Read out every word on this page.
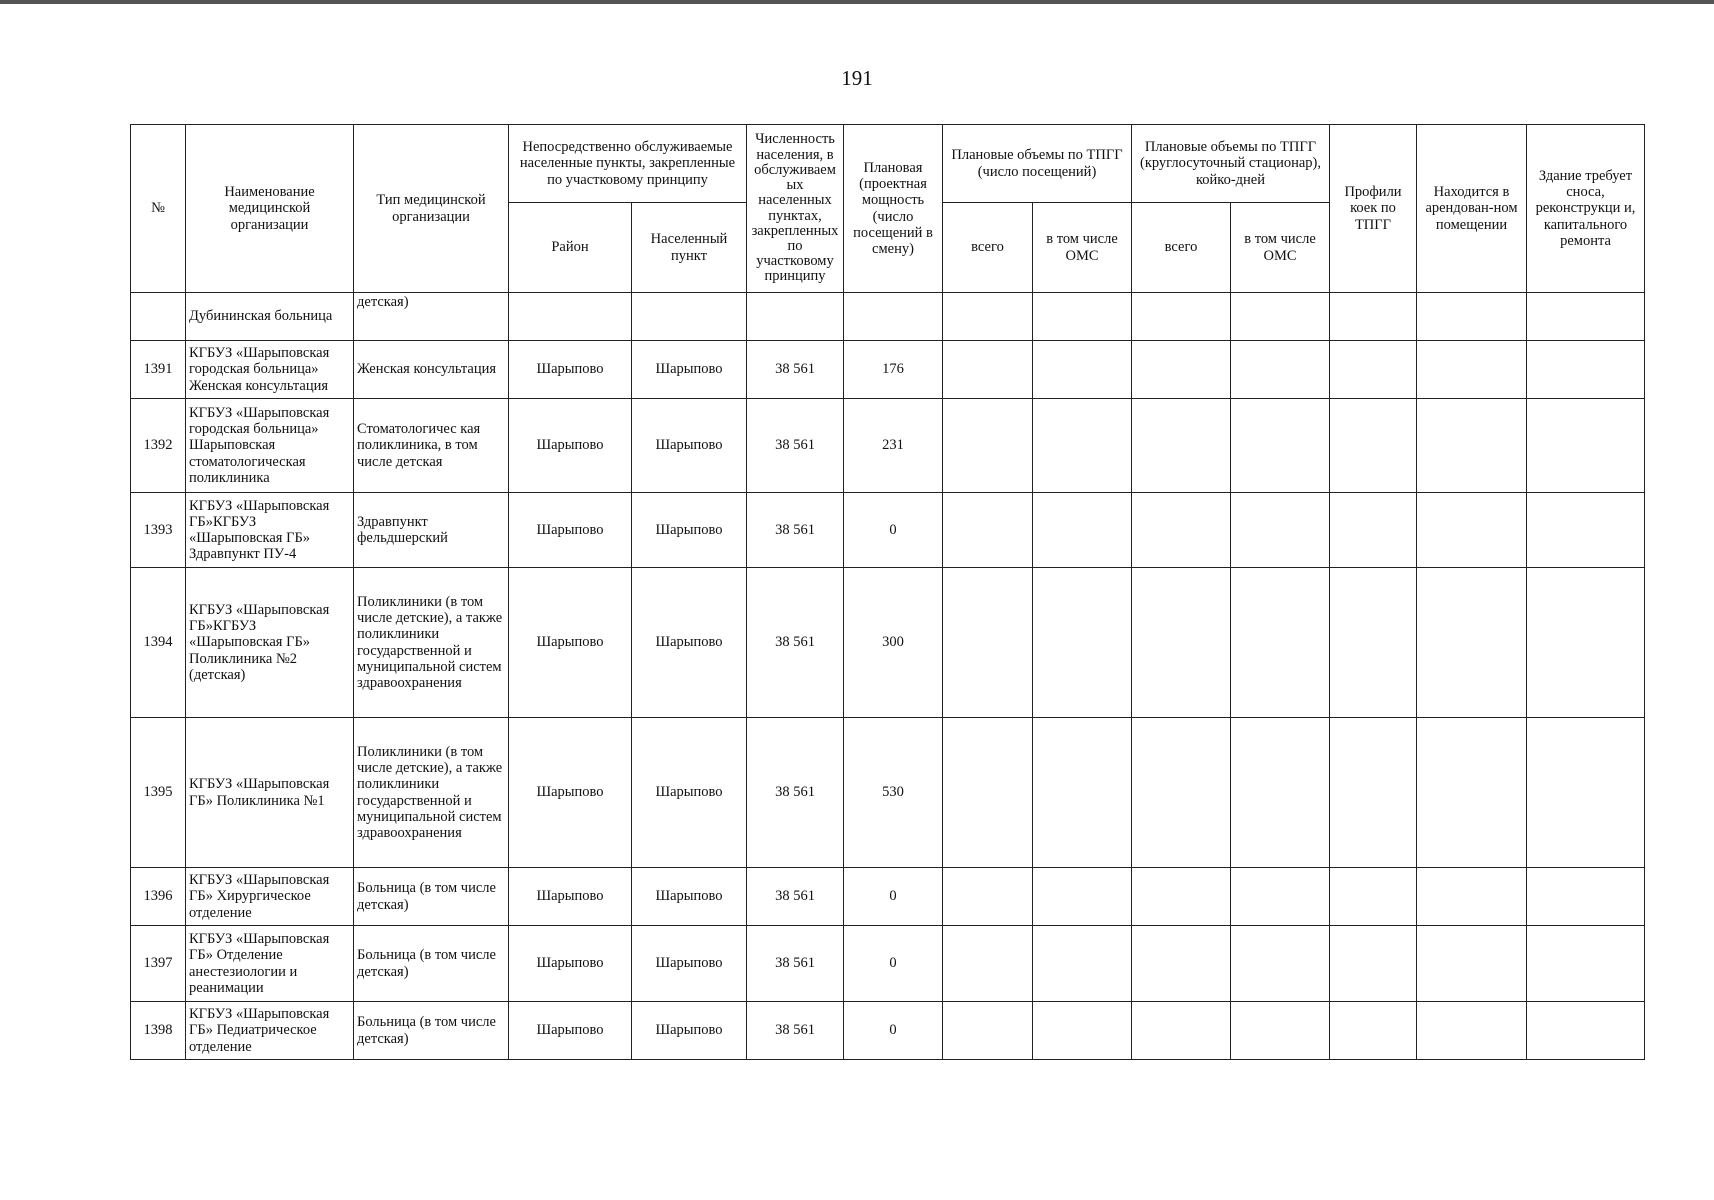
191
№	Наименование медицинской организации	Тип медицинской организации	Непосредственно обслуживаемые населенные пункты, закрепленные по участковому принципу		Численность населения, в обслуживаем ых населенных пунктах, закрепленных по участковому принципу	Плановая (проектная мощность (число посещений в смену)	Плановые объемы по ТПГГ (число посещений)		Плановые объемы по ТПГГ (круглосуточный стационар), койко-дней		Профили коек по ТПГГ	Находится в арендован-ном помещении	Здание требует сноса, реконструкци и, капитального ремонта
			Район	Населенный пункт			всего	в том числе ОМС	всего	в том числе ОМС			
	Дубининская больница	детская)											
1391	КГБУЗ «Шарыповская городская больница» Женская консультация	Женская консультация	Шарыпово	Шарыпово	38 561	176							
1392	КГБУЗ «Шарыповская городская больница» Шарыповская стоматологическая поликлиника	Стоматологичес кая поликлиника, в том числе детская	Шарыпово	Шарыпово	38 561	231							
1393	КГБУЗ «Шарыповская ГБ»КГБУЗ «Шарыповская ГБ» Здравпункт ПУ-4	Здравпункт фельдшерский	Шарыпово	Шарыпово	38 561	0							
1394	КГБУЗ «Шарыповская ГБ»КГБУЗ «Шарыповская ГБ» Поликлиника №2 (детская)	Поликлиники (в том числе детские), а также поликлиники государственной и муниципальной систем здравоохранения	Шарыпово	Шарыпово	38 561	300							
1395	КГБУЗ «Шарыповская ГБ» Поликлиника №1	Поликлиники (в том числе детские), а также поликлиники государственной и муниципальной систем здравоохранения	Шарыпово	Шарыпово	38 561	530							
1396	КГБУЗ «Шарыповская ГБ» Хирургическое отделение	Больница (в том числе детская)	Шарыпово	Шарыпово	38 561	0							
1397	КГБУЗ «Шарыповская ГБ» Отделение анестезиологии и реанимации	Больница (в том числе детская)	Шарыпово	Шарыпово	38 561	0							
1398	КГБУЗ «Шарыповская ГБ» Педиатрическое отделение	Больница (в том числе детская)	Шарыпово	Шарыпово	38 561	0							
